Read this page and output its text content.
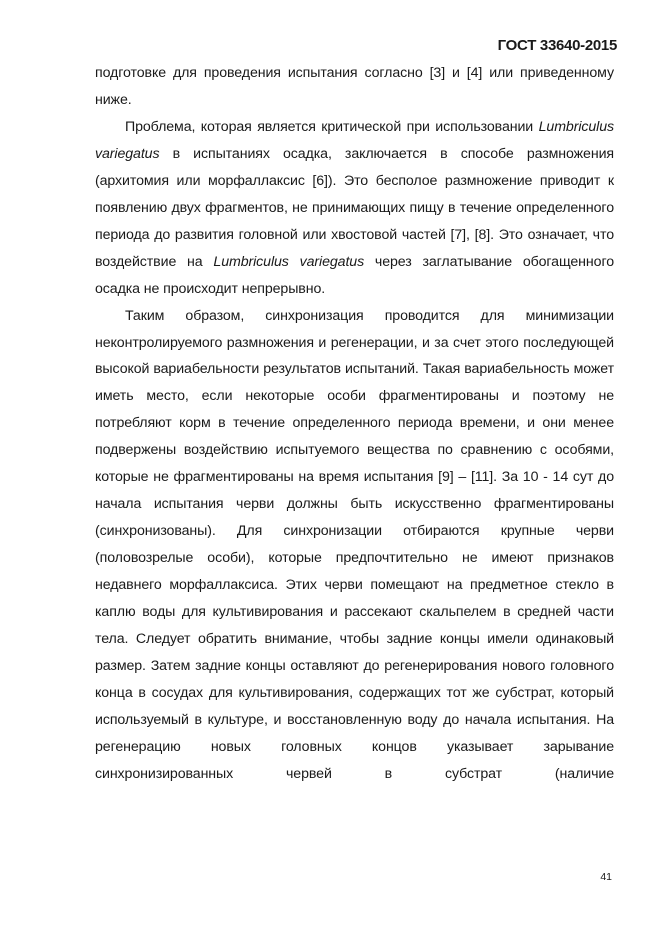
ГОСТ 33640-2015

подготовке для проведения испытания согласно [3] и [4] или приведенному ниже.

Проблема, которая является критической при использовании Lumbriculus variegatus в испытаниях осадка, заключается в способе размножения (архитомия или морфаллаксис [6]). Это бесполое размножение приводит к появлению двух фрагментов, не принимающих пищу в течение определенного периода до развития головной или хвостовой частей [7], [8]. Это означает, что воздействие на Lumbriculus variegatus через заглатывание обогащенного осадка не происходит непрерывно.

Таким образом, синхронизация проводится для минимизации неконтролируемого размножения и регенерации, и за счет этого последующей высокой вариабельности результатов испытаний. Такая вариабельность может иметь место, если некоторые особи фрагментированы и поэтому не потребляют корм в течение определенного периода времени, и они менее подвержены воздействию испытуемого вещества по сравнению с особями, которые не фрагментированы на время испытания [9] – [11]. За 10 - 14 сут до начала испытания черви должны быть искусственно фрагментированы (синхронизованы). Для синхронизации отбираются крупные черви (половозрелые особи), которые предпочтительно не имеют признаков недавнего морфаллаксиса. Этих черви помещают на предметное стекло в каплю воды для культивирования и рассекают скальпелем в средней части тела. Следует обратить внимание, чтобы задние концы имели одинаковый размер. Затем задние концы оставляют до регенерирования нового головного конца в сосудах для культивирования, содержащих тот же субстрат, который используемый в культуре, и восстановленную воду до начала испытания. На регенерацию новых головных концов указывает зарывание синхронизированных червей в субстрат (наличие

41
